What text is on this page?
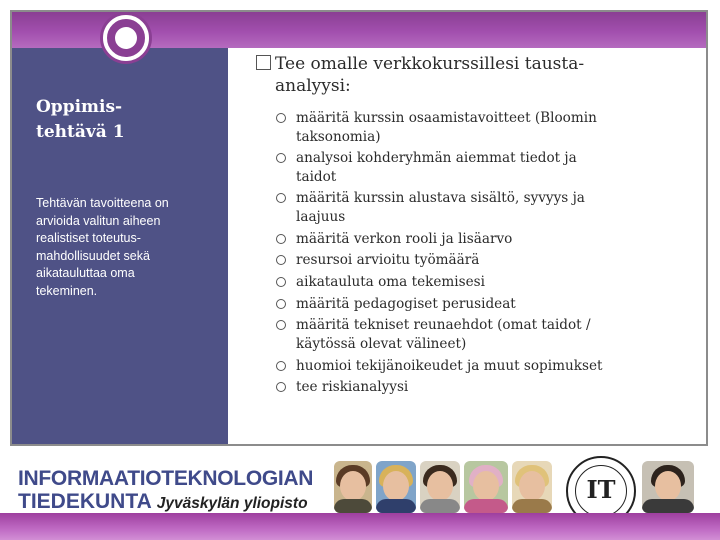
Oppimis-
tehtävä 1
Tehtävän tavoitteena on
arvioida valitun aiheen
realistiset toteutus-
mahdollisuudet sekä
aikatauluttaa oma
tekeminen.
Tee omalle verkkokurssillesi tausta-
analyysi:
määritä kurssin osaamistavoitteet (Bloomin
taksonomia)
analysoi kohderyhmän aiemmat tiedot ja
taidot
määritä kurssin alustava sisältö, syvyys ja
laajuus
määritä verkon rooli ja lisäarvo
resursoi arvioitu työmäärä
aikatauluta oma tekemisesi
määritä pedagogiset perusideat
määritä tekniset reunaehdot (omat taidot /
käytössä olevat välineet)
huomioi tekijänoikeudet ja muut sopimukset
tee riskianalyysi
INFORMAATIOTEKNOLOGIAN
TIEDEKUNTA Jyväskylän yliopisto	IT
